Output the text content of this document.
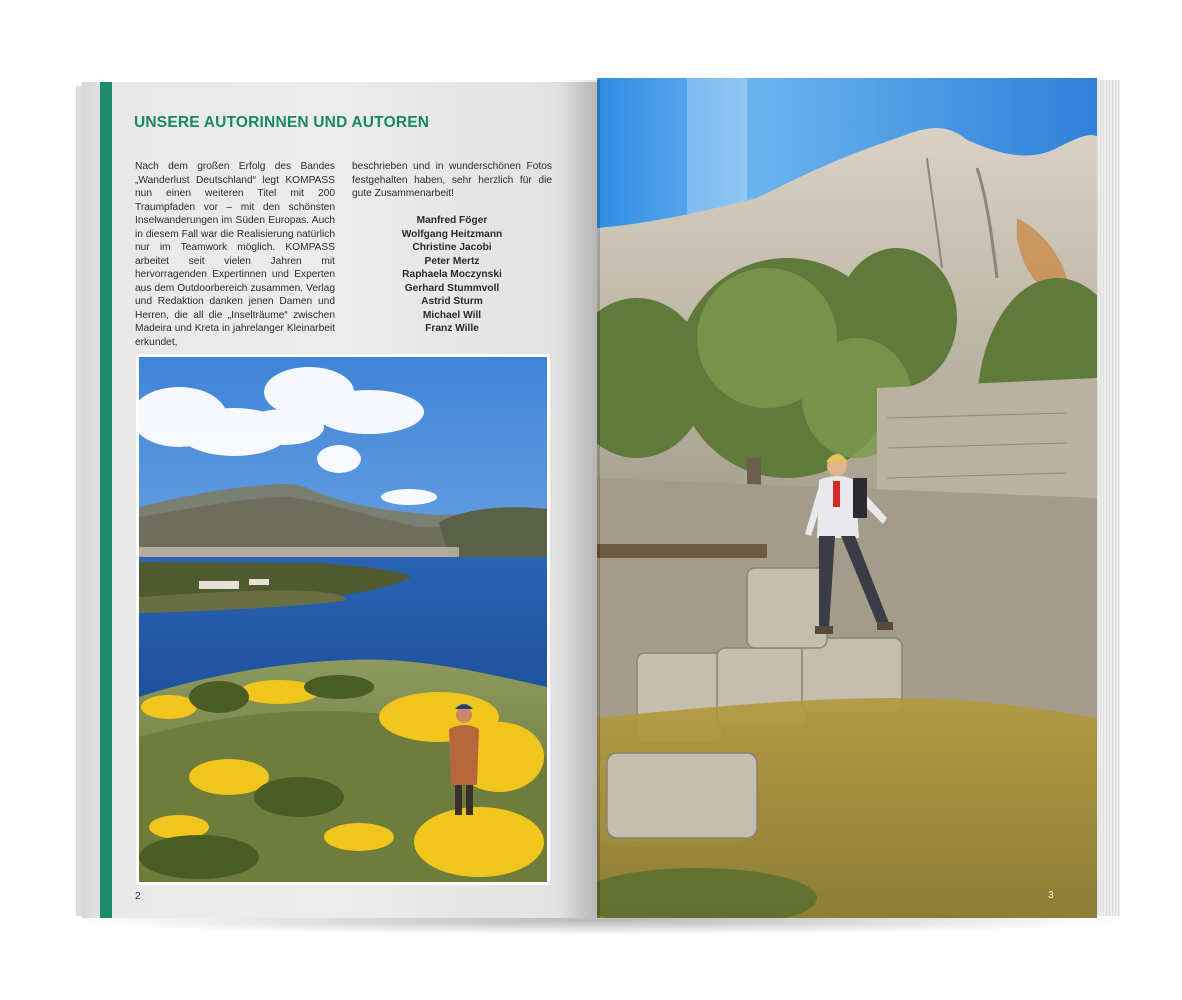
UNSERE AUTORINNEN UND AUTOREN

Nach dem großen Erfolg des Bandes „Wanderlust Deutschland“ legt KOMPASS nun einen weiteren Titel mit 200 Traumpfaden vor – mit den schönsten Inselwanderungen im Süden Europas. Auch in diesem Fall war die Realisierung natürlich nur im Teamwork möglich. KOMPASS arbeitet seit vielen Jahren mit hervorragenden Expertinnen und Experten aus dem Outdoorbereich zusammen. Verlag und Redaktion danken jenen Damen und Herren, die all die „Inselträume“ zwischen Madeira und Kreta in jahrelanger Kleinarbeit erkundet,

beschrieben und in wunderschönen Fotos festgehalten haben, sehr herzlich für die gute Zusammenarbeit!

Manfred Föger
Wolfgang Heitzmann
Christine Jacobi
Peter Mertz
Raphaela Moczynski
Gerhard Stummvoll
Astrid Sturm
Michael Will
Franz Wille
2	3
